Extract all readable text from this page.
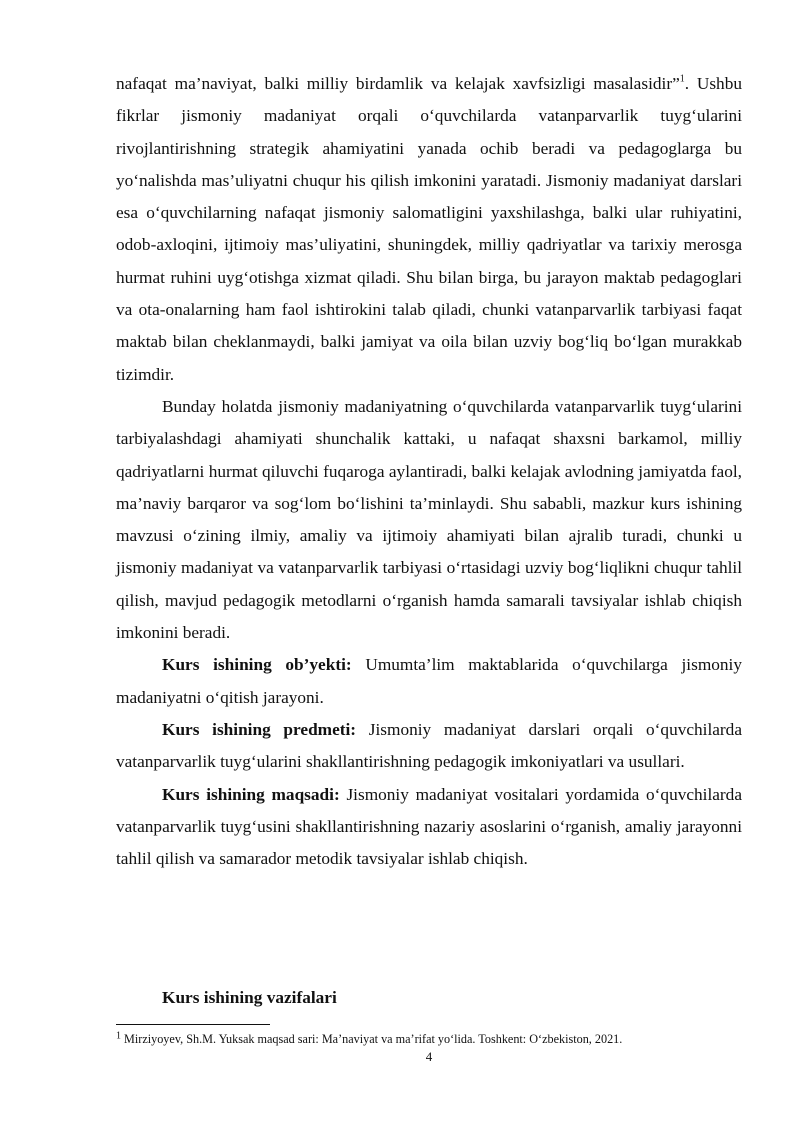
nafaqat ma’naviyat, balki milliy birdamlik va kelajak xavfsizligi masalasidir”$^1$. Ushbu fikrlar jismoniy madaniyat orqali o‘quvchilarda vatanparvarlik tuyg‘ularini rivojlantirishning strategik ahamiyatini yanada ochib beradi va pedagoglarga bu yo‘nalishda mas’uliyatni chuqur his qilish imkonini yaratadi. Jismoniy madaniyat darslari esa o‘quvchilarning nafaqat jismoniy salomatligini yaxshilashga, balki ular ruhiyatini, odob-axloqini, ijtimoiy mas’uliyatini, shuningdek, milliy qadriyatlar va tarixiy merosga hurmat ruhini uyg‘otishga xizmat qiladi. Shu bilan birga, bu jarayon maktab pedagoglari va ota-onalarning ham faol ishtirokini talab qiladi, chunki vatanparvarlik tarbiyasi faqat maktab bilan cheklanmaydi, balki jamiyat va oila bilan uzviy bog‘liq bo‘lgan murakkab tizimdir.

Bunday holatda jismoniy madaniyatning o‘quvchilarda vatanparvarlik tuyg‘ularini tarbiyalashdagi ahamiyati shunchalik kattaki, u nafaqat shaxsni barkamol, milliy qadriyatlarni hurmat qiluvchi fuqaroga aylantiradi, balki kelajak avlodning jamiyatda faol, ma’naviy barqaror va sog‘lom bo‘lishini ta’minlaydi. Shu sababli, mazkur kurs ishining mavzusi o‘zining ilmiy, amaliy va ijtimoiy ahamiyati bilan ajralib turadi, chunki u jismoniy madaniyat va vatanparvarlik tarbiyasi o‘rtasidagi uzviy bog‘liqlikni chuqur tahlil qilish, mavjud pedagogik metodlarni o‘rganish hamda samarali tavsiyalar ishlab chiqish imkonini beradi.

Kurs ishining ob’yekti: Umumta’lim maktablarida o‘quvchilarga jismoniy madaniyatni o‘qitish jarayoni.

Kurs ishining predmeti: Jismoniy madaniyat darslari orqali o‘quvchilarda vatanparvarlik tuyg‘ularini shakllantirishning pedagogik imkoniyatlari va usullari.

Kurs ishining maqsadi: Jismoniy madaniyat vositalari yordamida o‘quvchilarda vatanparvarlik tuyg‘usini shakllantirishning nazariy asoslarini o‘rganish, amaliy jarayonni tahlil qilish va samarador metodik tavsiyalar ishlab chiqish.

Kurs ishining vazifalari
$^1$ Mirziyoyev, Sh.M. Yuksak maqsad sari: Ma’naviyat va ma’rifat yo‘lida. Toshkent: O‘zbekiston, 2021.
4
